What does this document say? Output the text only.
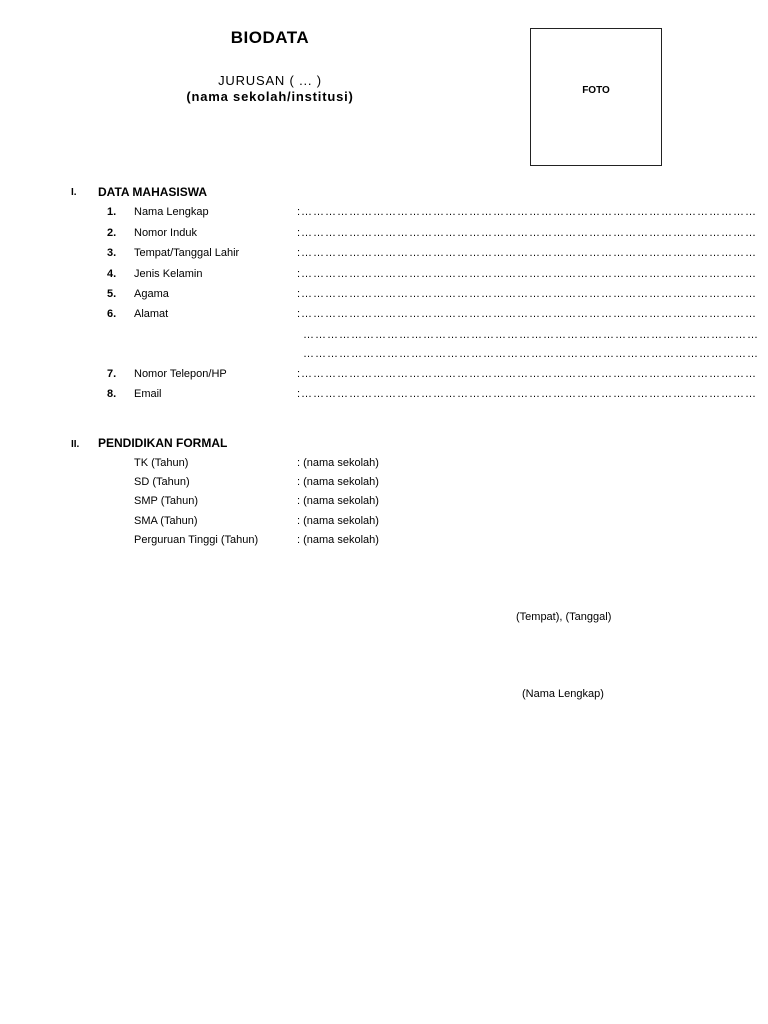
BIODATA
JURUSAN ( ... )
(nama sekolah/institusi)	FOTO
I. DATA MAHASISWA
1. Nama Lengkap	: ……………………………………………………………………………………………………
2. Nomor Induk	: ……………………………………………………………………………………………………
3. Tempat/Tanggal Lahir	: ……………………………………………………………………………………………………
4. Jenis Kelamin	: ……………………………………………………………………………………………………
5. Agama	: ……………………………………………………………………………………………………
6. Alamat	: ……………………………………………………………………………………………………
……………………………………………………………………………………………………
……………………………………………………………………………………………………
7. Nomor Telepon/HP	: ……………………………………………………………………………………………………
8. Email	: ……………………………………………………………………………………………………
II. PENDIDIKAN FORMAL
TK (Tahun)	: (nama sekolah)
SD (Tahun)	: (nama sekolah)
SMP (Tahun)	: (nama sekolah)
SMA (Tahun)	: (nama sekolah)
Perguruan Tinggi (Tahun)	: (nama sekolah)
(Tempat), (Tanggal)
(Nama Lengkap)
